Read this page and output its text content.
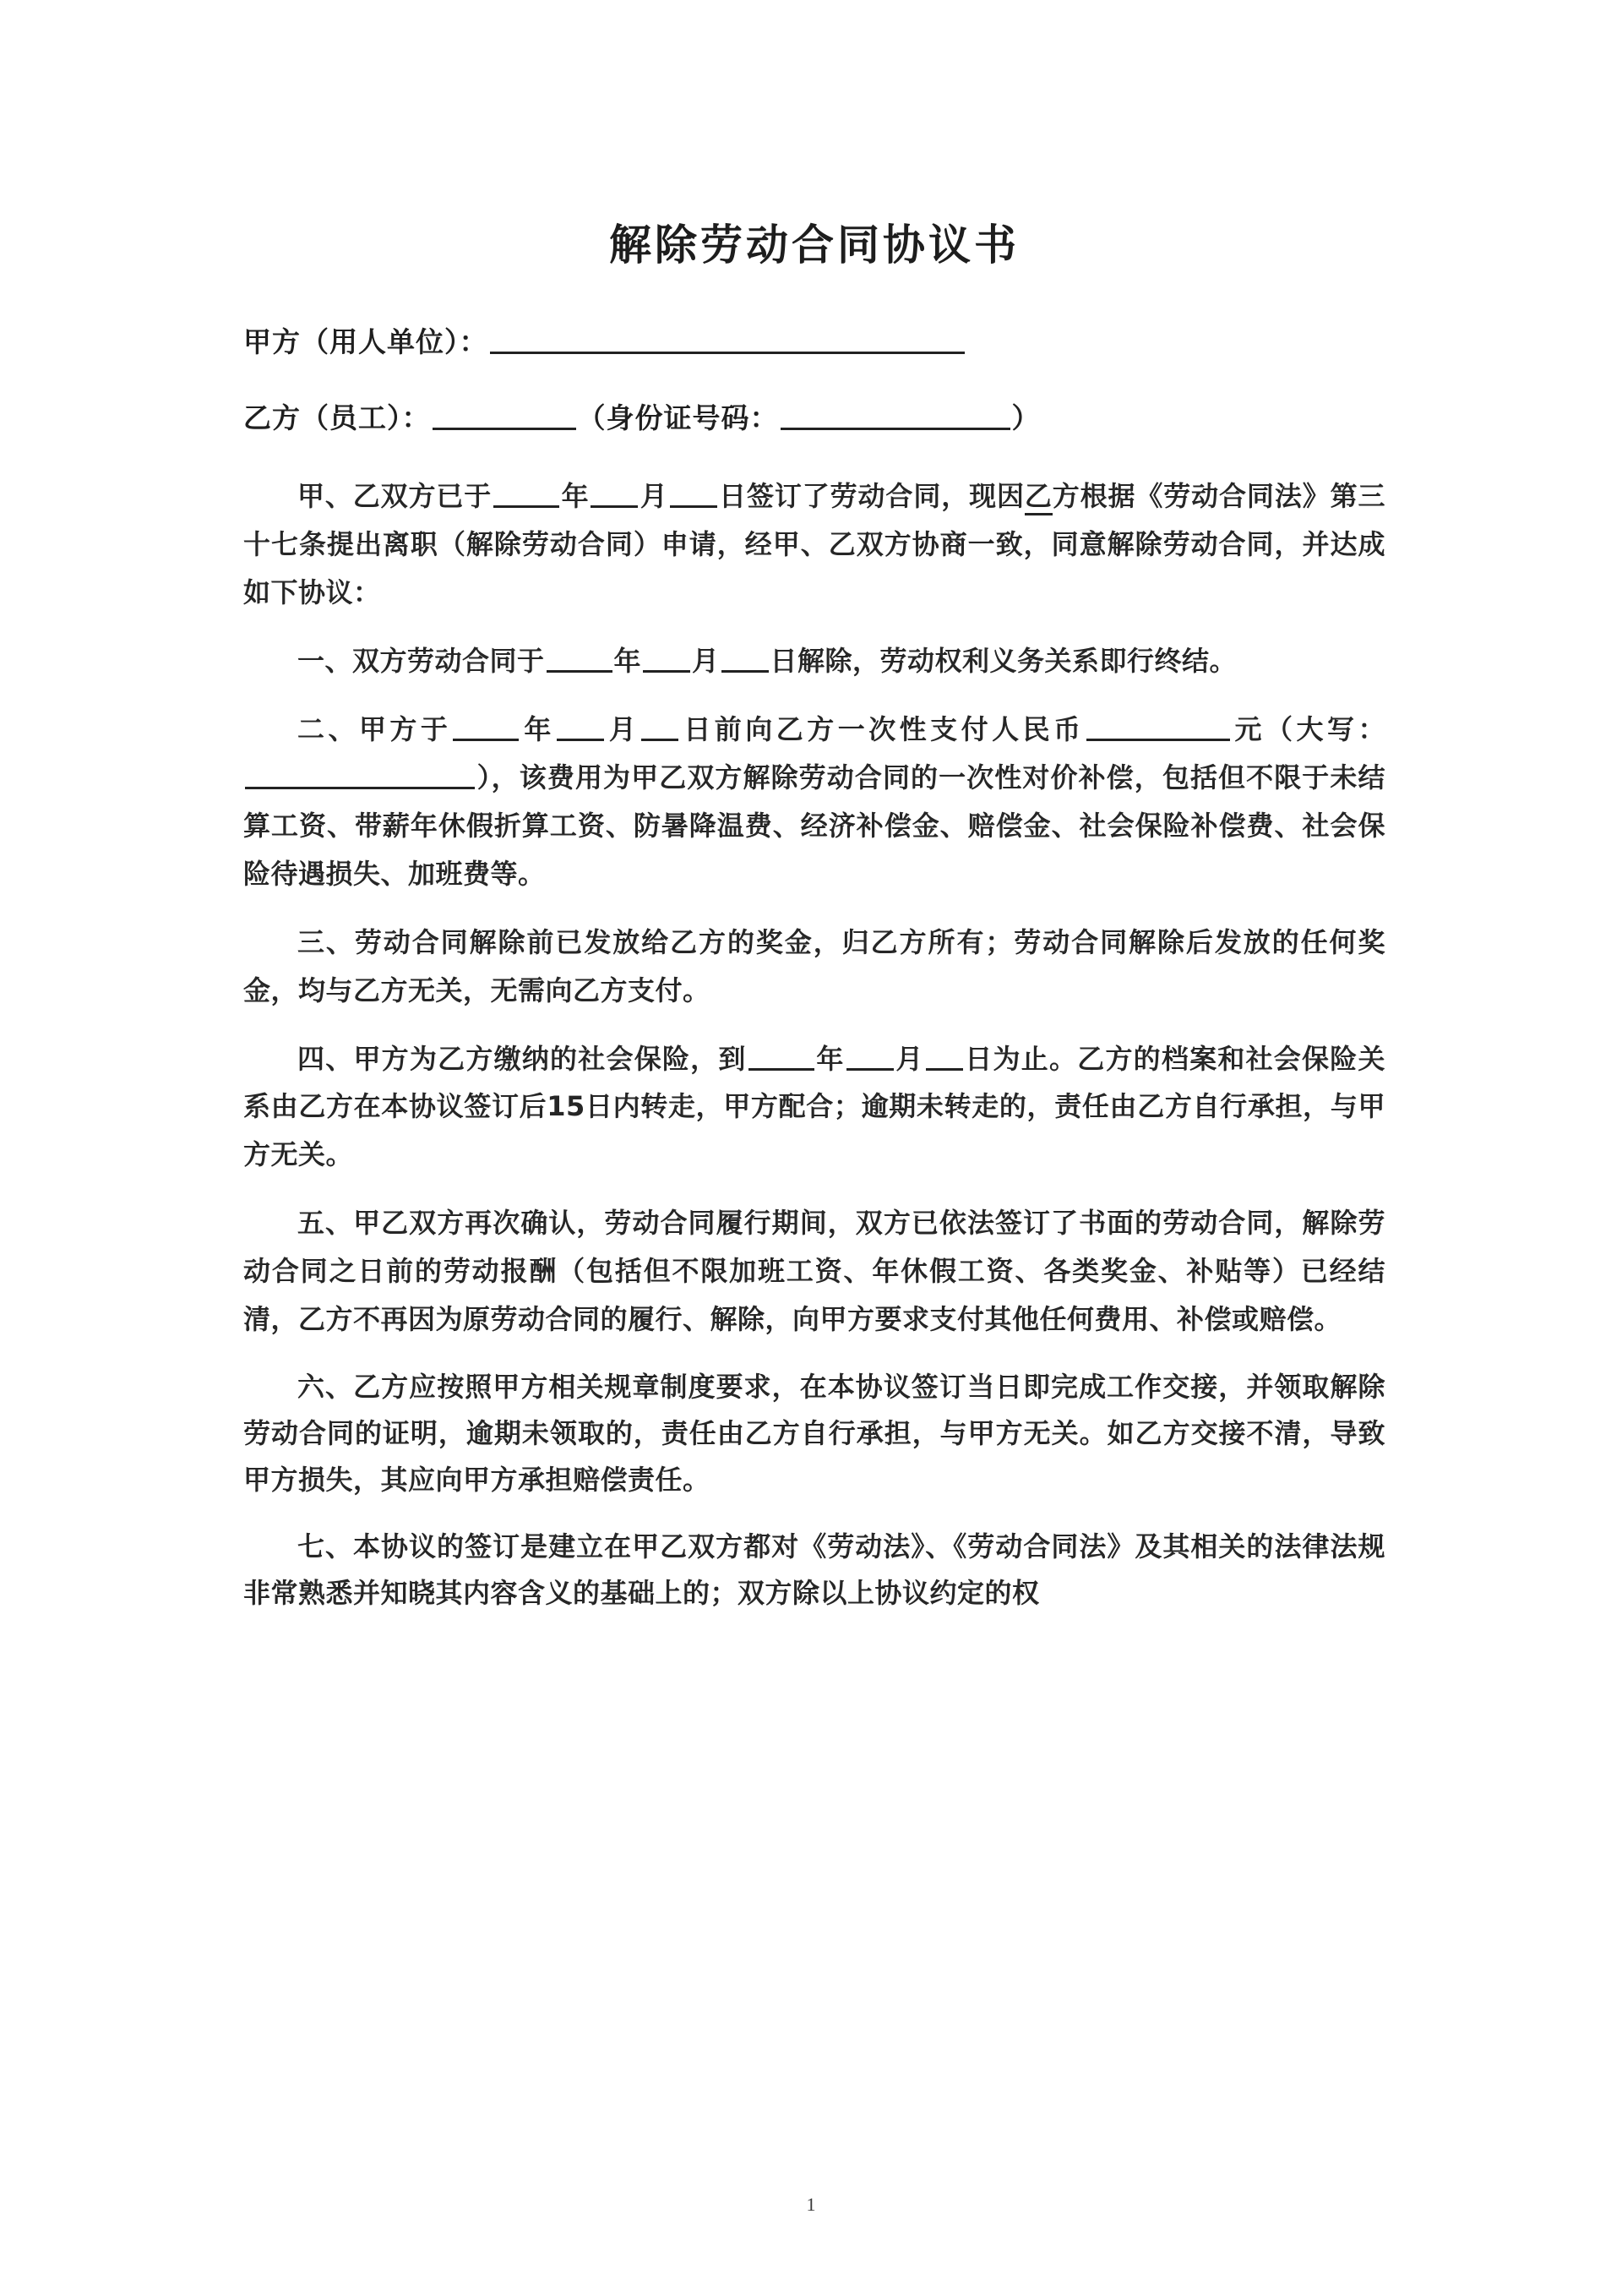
解除劳动合同协议书
甲方（用人单位）：
乙方（员工）：	（身份证号码：	）

甲、乙双方已于	年 月 日签订了劳动合同，现因乙方根据《劳动合同法》第三十七条提出离职（解除劳动合同）申请，经甲、乙双方协商一致，同意解除劳动合同，并达成如下协议：

一、双方劳动合同于	年 月 日解除，劳动权利义务关系即行终结。

二、甲方于	年 月 日前向乙方一次性支付人民币	元（大写：），该费用为甲乙双方解除劳动合同的一次性对价补偿，包括但不限于未结算工资、带薪年休假折算工资、防暑降温费、经济补偿金、赔偿金、社会保险补偿费、社会保险待遇损失、加班费等。

三、劳动合同解除前已发放给乙方的奖金，归乙方所有；劳动合同解除后发放的任何奖金，均与乙方无关，无需向乙方支付。

四、甲方为乙方缴纳的社会保险，到	年 月 日为止。乙方的档案和社会保险关系由乙方在本协议签订后15日内转走，甲方配合；逾期未转走的，责任由乙方自行承担，与甲方无关。

五、甲乙双方再次确认，劳动合同履行期间，双方已依法签订了书面的劳动合同，解除劳动合同之日前的劳动报酬（包括但不限加班工资、年休假工资、各类奖金、补贴等）已经结清，乙方不再因为原劳动合同的履行、解除，向甲方要求支付其他任何费用、补偿或赔偿。

六、乙方应按照甲方相关规章制度要求，在本协议签订当日即完成工作交接，并领取解除劳动合同的证明，逾期未领取的，责任由乙方自行承担，与甲方无关。如乙方交接不清，导致甲方损失，其应向甲方承担赔偿责任。

七、本协议的签订是建立在甲乙双方都对《劳动法》、《劳动合同法》及其相关的法律法规非常熟悉并知晓其内容含义的基础上的；双方除以上协议约定的权

1
